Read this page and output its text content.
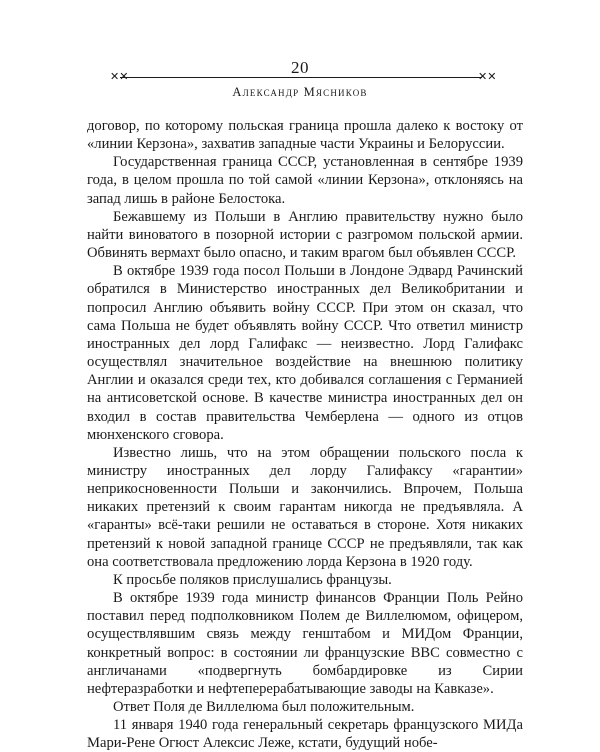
20
✕✕	✕✕
Александр Мясников

договор, по которому польская граница прошла далеко к востоку от «линии Керзона», захватив западные части Украины и Белоруссии.

Государственная граница СССР, установленная в сентябре 1939 года, в целом прошла по той самой «линии Керзона», отклоняясь на запад лишь в районе Белостока.

Бежавшему из Польши в Англию правительству нужно было найти виноватого в позорной истории с разгромом польской армии. Обвинять вермахт было опасно, и таким врагом был объявлен СССР.

В октябре 1939 года посол Польши в Лондоне Эдвард Рачинский обратился в Министерство иностранных дел Великобритании и попросил Англию объявить войну СССР. При этом он сказал, что сама Польша не будет объявлять войну СССР. Что ответил министр иностранных дел лорд Галифакс — неизвестно. Лорд Галифакс осуществлял значительное воздействие на внешнюю политику Англии и оказался среди тех, кто добивался соглашения с Германией на антисоветской основе. В качестве министра иностранных дел он входил в состав правительства Чемберлена — одного из отцов мюнхенского сговора.

Известно лишь, что на этом обращении польского посла к министру иностранных дел лорду Галифаксу «гарантии» неприкосновенности Польши и закончились. Впрочем, Польша никаких претензий к своим гарантам никогда не предъявляла. А «гаранты» всё-таки решили не оставаться в стороне. Хотя никаких претензий к новой западной границе СССР не предъявляли, так как она соответствовала предложению лорда Керзона в 1920 году.

К просьбе поляков прислушались французы.

В октябре 1939 года министр финансов Франции Поль Рейно поставил перед подполковником Полем де Виллелюмом, офицером, осуществлявшим связь между генштабом и МИДом Франции, конкретный вопрос: в состоянии ли французские ВВС совместно с англичанами «подвергнуть бомбардировке из Сирии нефтеразработки и нефтеперерабатывающие заводы на Кавказе».

Ответ Поля де Виллелюма был положительным.

11 января 1940 года генеральный секретарь французского МИДа Мари-Рене Огюст Алексис Леже, кстати, будущий нобе-
